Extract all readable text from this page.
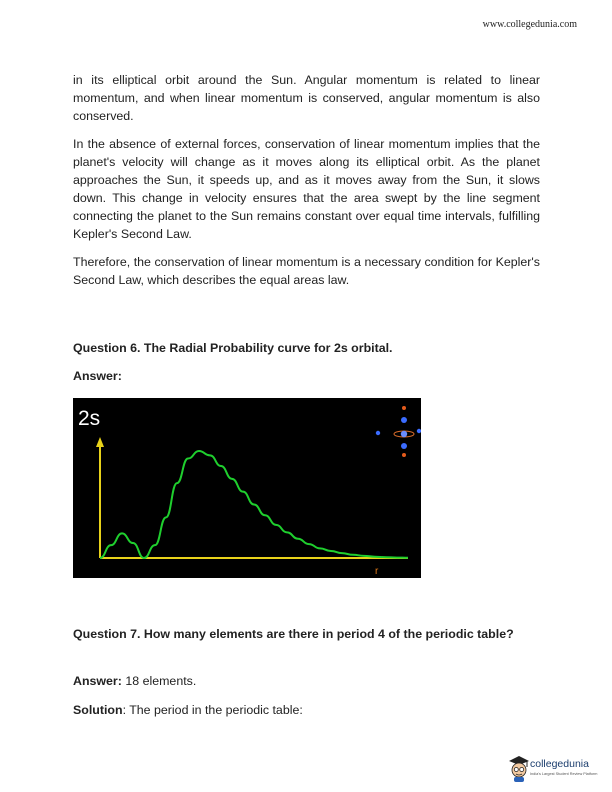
www.collegedunia.com

in its elliptical orbit around the Sun. Angular momentum is related to linear momentum, and when linear momentum is conserved, angular momentum is also conserved.

In the absence of external forces, conservation of linear momentum implies that the planet's velocity will change as it moves along its elliptical orbit. As the planet approaches the Sun, it speeds up, and as it moves away from the Sun, it slows down. This change in velocity ensures that the area swept by the line segment connecting the planet to the Sun remains constant over equal time intervals, fulfilling Kepler's Second Law.

Therefore, the conservation of linear momentum is a necessary condition for Kepler's Second Law, which describes the equal areas law.

Question 6. The Radial Probability curve for 2s orbital.

Answer:

2s
r

Question 7. How many elements are there in period 4 of the periodic table?

Answer: 18 elements.
Solution: The period in the periodic table:
collegedunia
India's Largest Student Review Platform
